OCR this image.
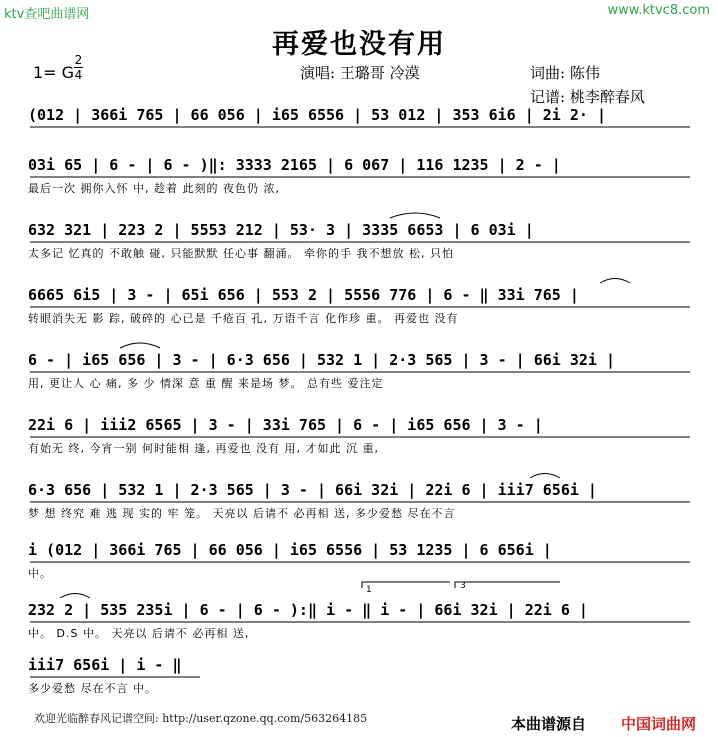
ktv查吧曲谱网	www.ktvc8.com
再爱也没有用
1= G
2
4	演唱: 王璐哥 冷漠	词曲: 陈伟
记谱: 桃李醉春风
(012 | 366i 765 | 66 056 | i65 6556 | 53 012 | 353 6i6 | 2i 2· |
03i 65 | 6 - | 6 - )‖: 3333 2165 | 6 067 | 116 1235 | 2 - |
最后一次 拥你入怀 中, 趁着 此刻的 夜色仍 浓,
632 321 | 223 2 | 5553 212 | 53· 3 | 3335 6653 | 6 03i |
太多记 忆真的 不敢触 碰, 只能默默 任心事 翻涌。 牵你的手 我不想放 松, 只怕
6665 6i5 | 3 - | 65i 656 | 553 2 | 5556 776 | 6 - ‖ 33i 765 |
转眼消失无 影 踪, 破碎的 心已是 千疮百 孔, 万语千言 化作珍 重。 再爱也 没有
6 - | i65 656 | 3 - | 6·3 656 | 532 1 | 2·3 565 | 3 - | 66i 32i |
用, 更让人 心 痛, 多 少 情深 意 重 醒 来是场 梦。 总有些 爱注定
22i 6 | iii2 6565 | 3 - | 33i 765 | 6 - | i65 656 | 3 - |
有始无 终, 今宵一别 何时能相 逢, 再爱也 没有 用, 才如此 沉 重,
6·3 656 | 532 1 | 2·3 565 | 3 - | 66i 32i | 22i 6 | iii7 656i |
梦 想 终究 难 逃 现 实的 牢 笼。 天亮以 后请不 必再相 送, 多少爱愁 尽在不言
i (012 | 366i 765 | 66 056 | i65 6556 | 53 1235 | 6 656i |
中。
232 2 | 535 235i | 6 - | 6 - ):‖ i - ‖ i - | 66i 32i | 22i 6 |
中。 D.S 中。 天亮以 后请不 必再相 送,
iii7 656i | i - ‖
多少爱愁 尽在不言 中。
1	3
欢迎光临醉春风记谱空间: http://user.qzone.qq.com/563264185	本曲谱源自 中国词曲网
